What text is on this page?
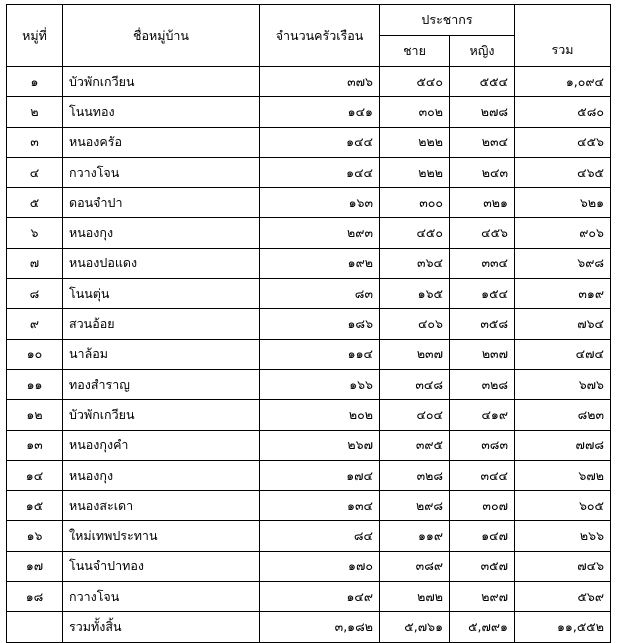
หมู่ที่	ชื่อหมู่บ้าน	จำนวนครัวเรือน	ประชากร		รวม
			ชาย	หญิง	
๑	บัวพักเกวียน	๓๗๖	๕๔๐	๕๕๔	๑,๐๙๔
๒	โนนทอง	๑๔๑	๓๐๒	๒๗๘	๕๘๐
๓	หนองครัอ	๑๔๔	๒๒๒	๒๓๔	๔๕๖
๔	กวางโจน	๑๔๔	๒๒๒	๒๔๓	๔๖๕
๕	ดอนจำปา	๑๖๓	๓๐๐	๓๒๑	๖๒๑
๖	หนองกุง	๒๙๓	๔๕๐	๔๕๖	๙๐๖
๗	หนองปอแดง	๑๙๒	๓๖๔	๓๓๔	๖๙๘
๘	โนนตุ่น	๘๓	๑๖๕	๑๕๔	๓๑๙
๙	สวนอ้อย	๑๘๖	๔๐๖	๓๕๘	๗๖๔
๑๐	นาล้อม	๑๑๔	๒๓๗	๒๓๗	๔๗๔
๑๑	ทองสำราญ	๑๖๖	๓๔๘	๓๒๘	๖๗๖
๑๒	บัวพักเกวียน	๒๐๒	๔๐๔	๔๑๙	๘๒๓
๑๓	หนองกุงคำ	๒๖๗	๓๙๕	๓๘๓	๗๗๘
๑๔	หนองกุง	๑๗๔	๓๒๘	๓๔๔	๖๗๒
๑๕	หนองสะเดา	๑๓๔	๒๙๘	๓๐๗	๖๐๕
๑๖	ใหม่เทพประทาน	๘๔	๑๑๙	๑๔๗	๒๖๖
๑๗	โนนจำปาทอง	๑๗๐	๓๘๙	๓๕๗	๗๔๖
๑๘	กวางโจน	๑๔๙	๒๗๒	๒๙๗	๕๖๙
	รวมทั้งสิ้น	๓,๑๘๒	๕,๗๖๑	๕,๗๙๑	๑๑,๕๕๒
